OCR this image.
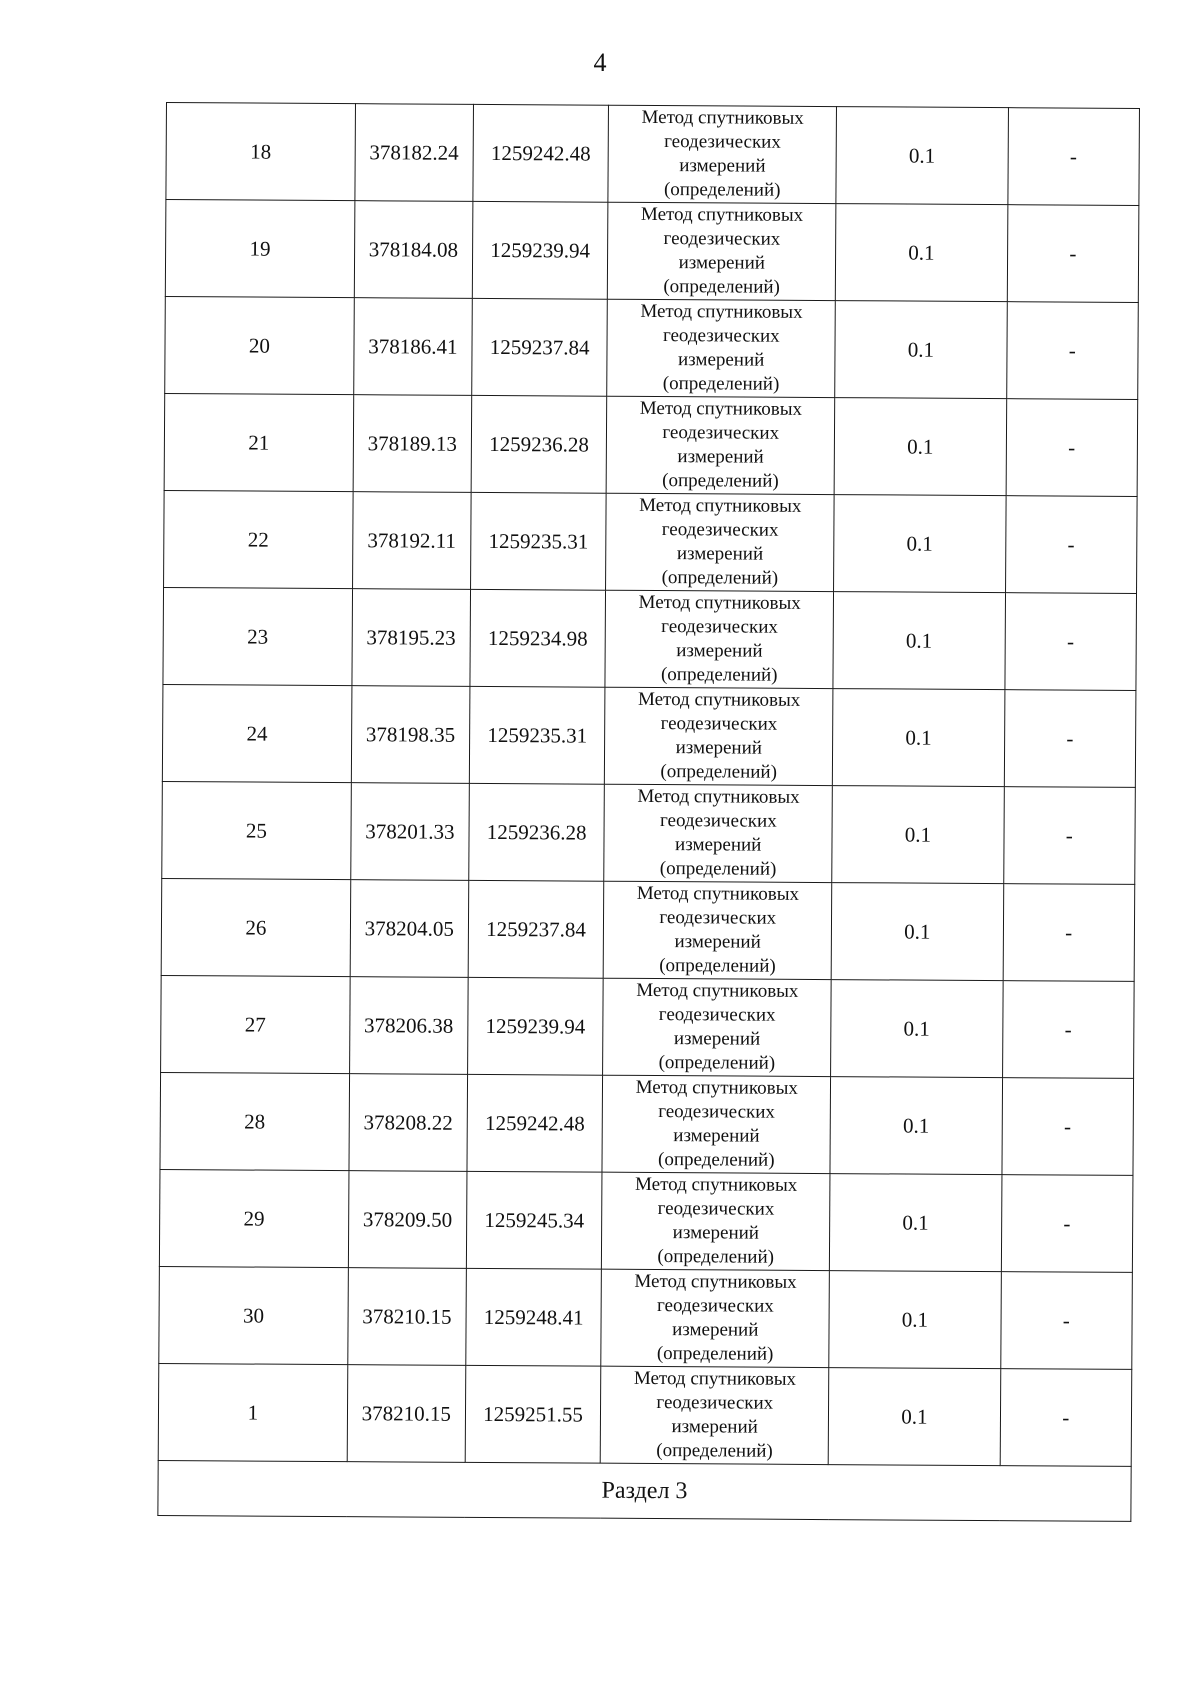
4
18	378182.24	1259242.48	Метод спутниковых
геодезических
измерений
(определений)	0.1	-
19	378184.08	1259239.94	Метод спутниковых
геодезических
измерений
(определений)	0.1	-
20	378186.41	1259237.84	Метод спутниковых
геодезических
измерений
(определений)	0.1	-
21	378189.13	1259236.28	Метод спутниковых
геодезических
измерений
(определений)	0.1	-
22	378192.11	1259235.31	Метод спутниковых
геодезических
измерений
(определений)	0.1	-
23	378195.23	1259234.98	Метод спутниковых
геодезических
измерений
(определений)	0.1	-
24	378198.35	1259235.31	Метод спутниковых
геодезических
измерений
(определений)	0.1	-
25	378201.33	1259236.28	Метод спутниковых
геодезических
измерений
(определений)	0.1	-
26	378204.05	1259237.84	Метод спутниковых
геодезических
измерений
(определений)	0.1	-
27	378206.38	1259239.94	Метод спутниковых
геодезических
измерений
(определений)	0.1	-
28	378208.22	1259242.48	Метод спутниковых
геодезических
измерений
(определений)	0.1	-
29	378209.50	1259245.34	Метод спутниковых
геодезических
измерений
(определений)	0.1	-
30	378210.15	1259248.41	Метод спутниковых
геодезических
измерений
(определений)	0.1	-
1	378210.15	1259251.55	Метод спутниковых
геодезических
измерений
(определений)	0.1	-
Раздел 3					
